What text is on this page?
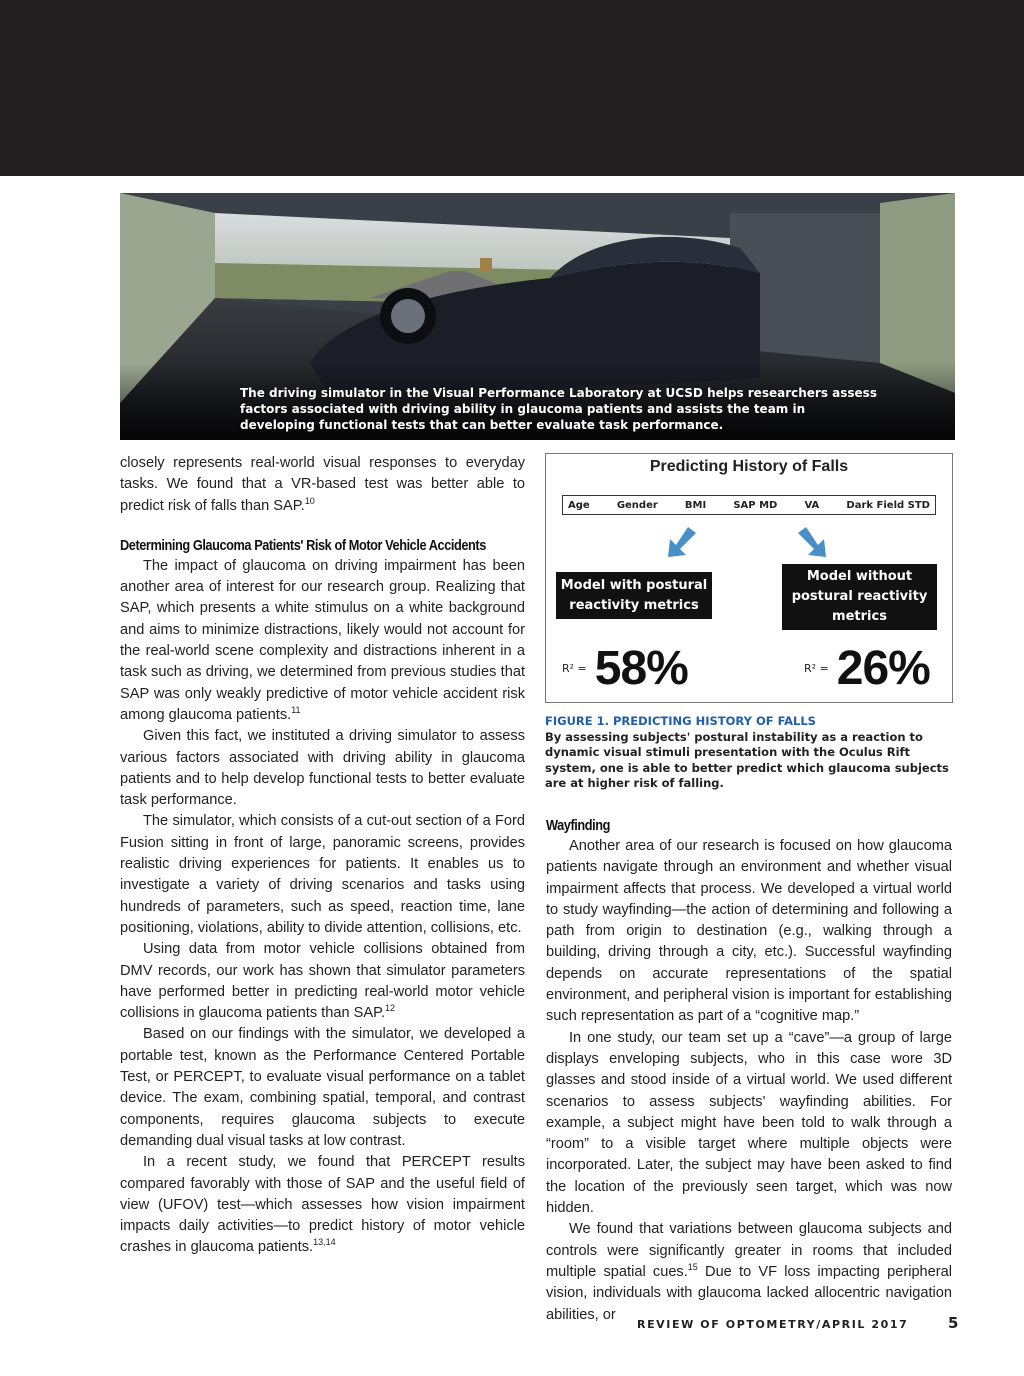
The driving simulator in the Visual Performance Laboratory at UCSD helps researchers assess factors associated with driving ability in glaucoma patients and assists the team in developing functional tests that can better evaluate task performance.

closely represents real-world visual responses to everyday tasks. We found that a VR-based test was better able to predict risk of falls than SAP.$^{10}$

Determining Glaucoma Patients' Risk of Motor Vehicle Accidents

The impact of glaucoma on driving impairment has been another area of interest for our research group. Realizing that SAP, which presents a white stimulus on a white background and aims to minimize distractions, likely would not account for the real-world scene complexity and distractions inherent in a task such as driving, we determined from previous studies that SAP was only weakly predictive of motor vehicle accident risk among glaucoma patients.$^{11}$

Given this fact, we instituted a driving simulator to assess various factors associated with driving ability in glaucoma patients and to help develop functional tests to better evaluate task performance.

The simulator, which consists of a cut-out section of a Ford Fusion sitting in front of large, panoramic screens, provides realistic driving experiences for patients. It enables us to investigate a variety of driving scenarios and tasks using hundreds of parameters, such as speed, reaction time, lane positioning, violations, ability to divide attention, collisions, etc.

Using data from motor vehicle collisions obtained from DMV records, our work has shown that simulator parameters have performed better in predicting real-world motor vehicle collisions in glaucoma patients than SAP.$^{12}$

Based on our findings with the simulator, we developed a portable test, known as the Performance Centered Portable Test, or PERCEPT, to evaluate visual performance on a tablet device. The exam, combining spatial, temporal, and contrast components, requires glaucoma subjects to execute demanding dual visual tasks at low contrast.

In a recent study, we found that PERCEPT results compared favorably with those of SAP and the useful field of view (UFOV) test—which assesses how vision impairment impacts daily activities—to predict history of motor vehicle crashes in glaucoma patients.$^{13,14}$

Predicting History of Falls
Age	Gender	BMI	SAP MD	VA	Dark Field STD
Model with postural reactivity metrics
Model without postural reactivity metrics
R² = 58%	R² = 26%
FIGURE 1. PREDICTING HISTORY OF FALLS
By assessing subjects' postural instability as a reaction to dynamic visual stimuli presentation with the Oculus Rift system, one is able to better predict which glaucoma subjects are at higher risk of falling.
Wayfinding

Another area of our research is focused on how glaucoma patients navigate through an environment and whether visual impairment affects that process. We developed a virtual world to study wayfinding—the action of determining and following a path from origin to destination (e.g., walking through a building, driving through a city, etc.). Successful wayfinding depends on accurate representations of the spatial environment, and peripheral vision is important for establishing such representation as part of a “cognitive map.”

In one study, our team set up a “cave”—a group of large displays enveloping subjects, who in this case wore 3D glasses and stood inside of a virtual world. We used different scenarios to assess subjects' wayfinding abilities. For example, a subject might have been told to walk through a “room” to a visible target where multiple objects were incorporated. Later, the subject may have been asked to find the location of the previously seen target, which was now hidden.

We found that variations between glaucoma subjects and controls were significantly greater in rooms that included multiple spatial cues.$^{15}$ Due to VF loss impacting peripheral vision, individuals with glaucoma lacked allocentric navigation abilities, or

REVIEW OF OPTOMETRY/APRIL 2017	5
